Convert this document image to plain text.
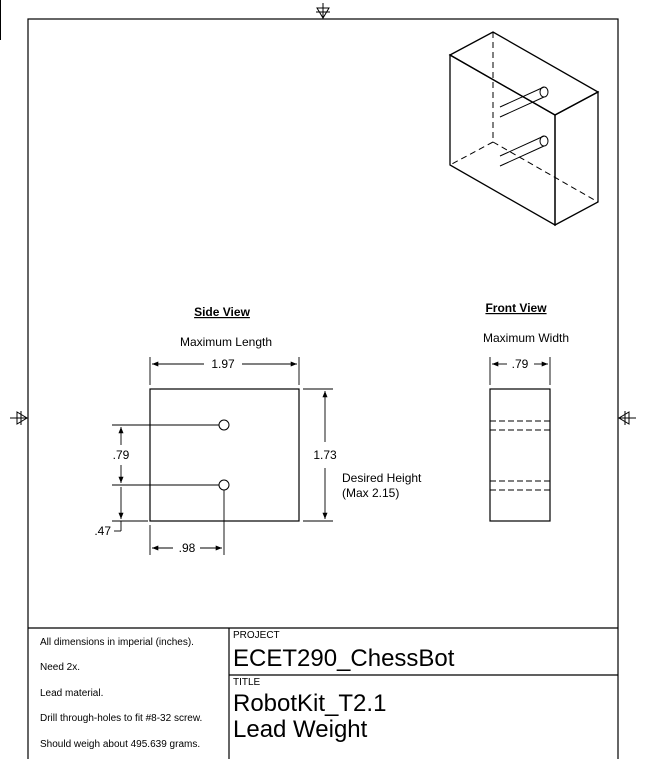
Side View
Maximum Length
1.97
1.73
Desired Height
(Max 2.15)
.79
.47
.98
Front View
Maximum Width
.79
All dimensions in imperial (inches).
Need 2x.
Lead material.
Drill through-holes to fit #8-32 screw.
Should weigh about 495.639 grams.
PROJECT
ECET290_ChessBot
TITLE
RobotKit_T2.1
Lead Weight
